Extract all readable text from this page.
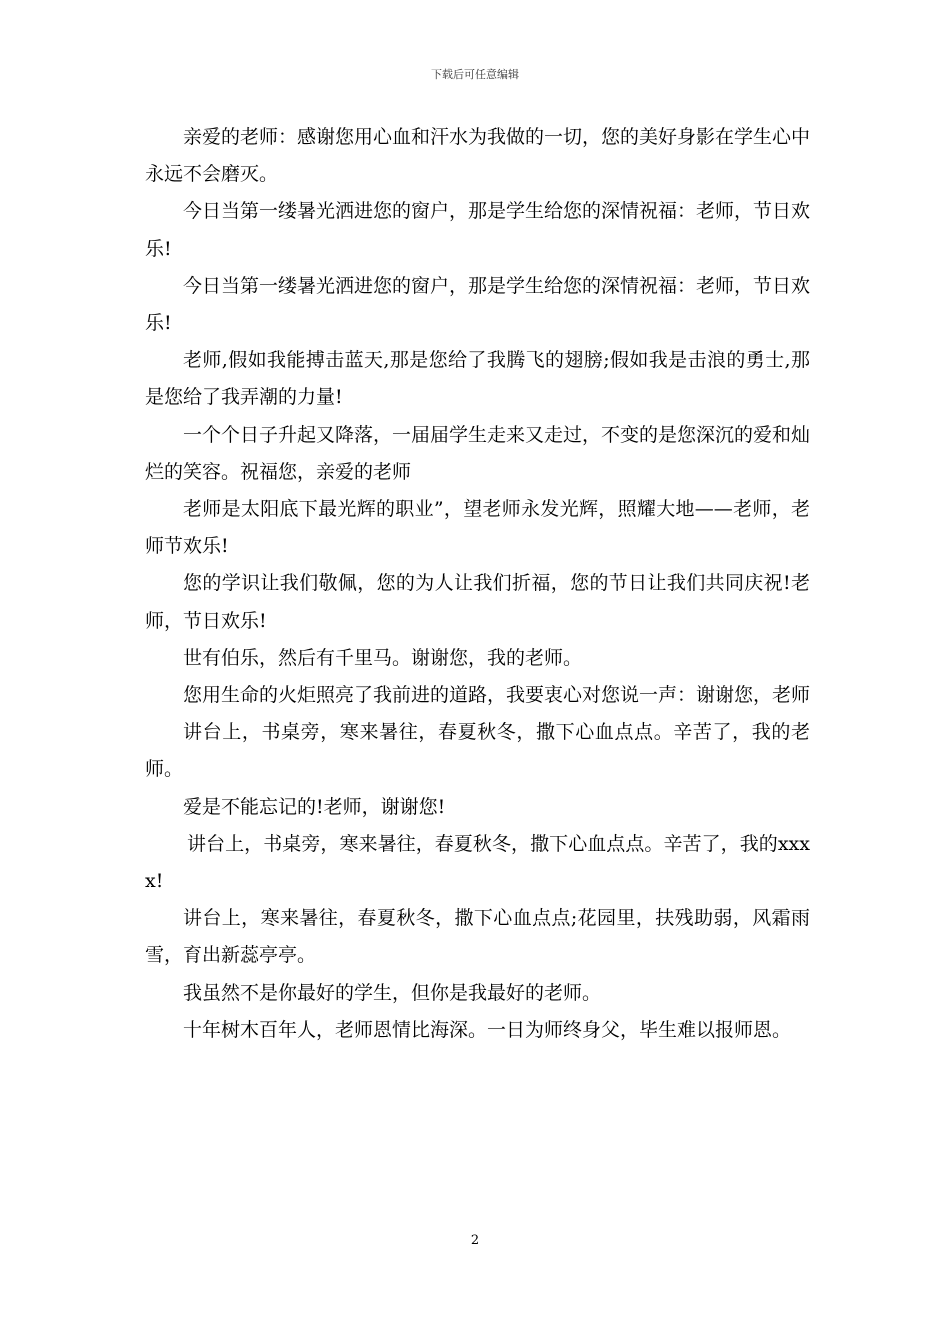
下载后可任意编辑

亲爱的老师：感谢您用心血和汗水为我做的一切，您的美好身影在学生心中永远不会磨灭。

今日当第一缕暑光洒进您的窗户，那是学生给您的深情祝福：老师，节日欢乐!

今日当第一缕暑光洒进您的窗户，那是学生给您的深情祝福：老师，节日欢乐!

老师,假如我能搏击蓝天,那是您给了我腾飞的翅膀;假如我是击浪的勇士,那是您给了我弄潮的力量!

一个个日子升起又降落，一届届学生走来又走过，不变的是您深沉的爱和灿烂的笑容。祝福您，亲爱的老师

老师是太阳底下最光辉的职业”，望老师永发光辉，照耀大地——老师，老师节欢乐!

您的学识让我们敬佩，您的为人让我们折福，您的节日让我们共同庆祝!老师，节日欢乐!

世有伯乐，然后有千里马。谢谢您，我的老师。

您用生命的火炬照亮了我前进的道路，我要衷心对您说一声：谢谢您，老师

讲台上，书桌旁，寒来暑往，春夏秋冬，撒下心血点点。辛苦了，我的老师。

爱是不能忘记的!老师，谢谢您!

讲台上，书桌旁，寒来暑往，春夏秋冬，撒下心血点点。辛苦了，我的xxxx!

讲台上，寒来暑往，春夏秋冬，撒下心血点点;花园里，扶残助弱，风霜雨雪，育出新蕊亭亭。

我虽然不是你最好的学生，但你是我最好的老师。

十年树木百年人，老师恩情比海深。一日为师终身父，毕生难以报师恩。

2
